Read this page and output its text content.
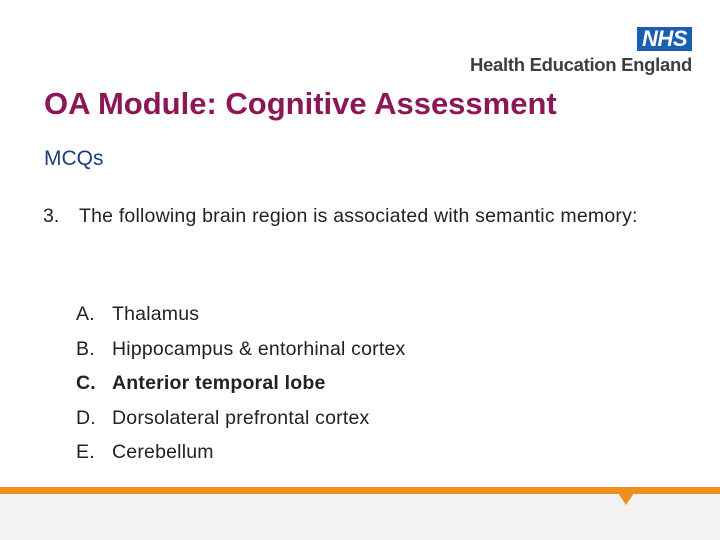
NHS
Health Education England
OA Module: Cognitive Assessment
MCQs
3. The following brain region is associated with semantic memory:
A. Thalamus
B. Hippocampus & entorhinal cortex
C. Anterior temporal lobe
D. Dorsolateral prefrontal cortex
E. Cerebellum
